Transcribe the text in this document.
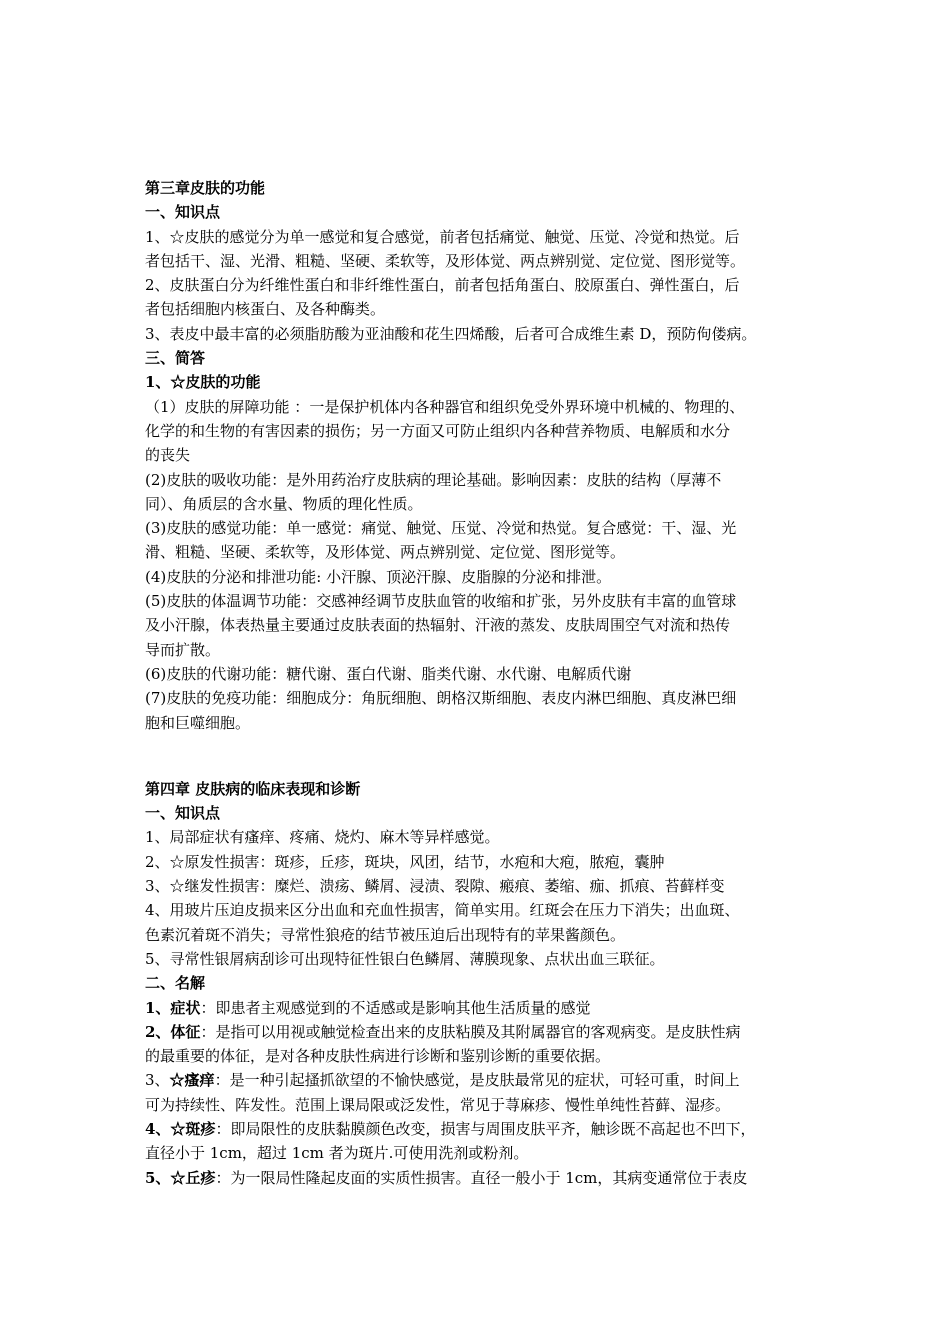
第三章皮肤的功能
一、知识点
1、☆皮肤的感觉分为单一感觉和复合感觉，前者包括痛觉、触觉、压觉、冷觉和热觉。后
者包括干、湿、光滑、粗糙、坚硬、柔软等，及形体觉、两点辨别觉、定位觉、图形觉等。
2、皮肤蛋白分为纤维性蛋白和非纤维性蛋白，前者包括角蛋白、胶原蛋白、弹性蛋白，后
者包括细胞内核蛋白、及各种酶类。
3、表皮中最丰富的必须脂肪酸为亚油酸和花生四烯酸，后者可合成维生素 D，预防佝偻病。
三、简答
1、☆皮肤的功能
（1）皮肤的屏障功能 ：一是保护机体内各种器官和组织免受外界环境中机械的、物理的、
化学的和生物的有害因素的损伤；另一方面又可防止组织内各种营养物质、电解质和水分
的丧失
(2)皮肤的吸收功能：是外用药治疗皮肤病的理论基础。影响因素：皮肤的结构（厚薄不
同）、角质层的含水量、物质的理化性质。
(3)皮肤的感觉功能：单一感觉：痛觉、触觉、压觉、冷觉和热觉。复合感觉：干、湿、光
滑、粗糙、坚硬、柔软等，及形体觉、两点辨别觉、定位觉、图形觉等。
(4)皮肤的分泌和排泄功能: 小汗腺、顶泌汗腺、皮脂腺的分泌和排泄。
(5)皮肤的体温调节功能：交感神经调节皮肤血管的收缩和扩张，另外皮肤有丰富的血管球
及小汗腺，体表热量主要通过皮肤表面的热辐射、汗液的蒸发、皮肤周围空气对流和热传
导而扩散。
(6)皮肤的代谢功能：糖代谢、蛋白代谢、脂类代谢、水代谢、电解质代谢
(7)皮肤的免疫功能：细胞成分：角朊细胞、朗格汉斯细胞、表皮内淋巴细胞、真皮淋巴细
胞和巨噬细胞。
第四章 皮肤病的临床表现和诊断
一、知识点
1、局部症状有瘙痒、疼痛、烧灼、麻木等异样感觉。
2、☆原发性损害：斑疹，丘疹，斑块，风团，结节，水疱和大疱，脓疱，囊肿
3、☆继发性损害：糜烂、溃疡、鳞屑、浸渍、裂隙、瘢痕、萎缩、痂、抓痕、苔藓样变
4、用玻片压迫皮损来区分出血和充血性损害，简单实用。红斑会在压力下消失；出血斑、
色素沉着斑不消失；寻常性狼疮的结节被压迫后出现特有的苹果酱颜色。
5、寻常性银屑病刮诊可出现特征性银白色鳞屑、薄膜现象、点状出血三联征。
二、名解
1、症状：即患者主观感觉到的不适感或是影响其他生活质量的感觉
2、体征：是指可以用视或触觉检查出来的皮肤粘膜及其附属器官的客观病变。是皮肤性病
的最重要的体征，是对各种皮肤性病进行诊断和鉴别诊断的重要依据。
3、☆瘙痒：是一种引起搔抓欲望的不愉快感觉，是皮肤最常见的症状，可轻可重，时间上
可为持续性、阵发性。范围上课局限或泛发性，常见于荨麻疹、慢性单纯性苔藓、湿疹。
4、☆斑疹：即局限性的皮肤黏膜颜色改变，损害与周围皮肤平齐，触诊既不高起也不凹下，
直径小于 1cm，超过 1cm 者为斑片.可使用洗剂或粉剂。
5、☆丘疹：为一限局性隆起皮面的实质性损害。直径一般小于 1cm，其病变通常位于表皮
